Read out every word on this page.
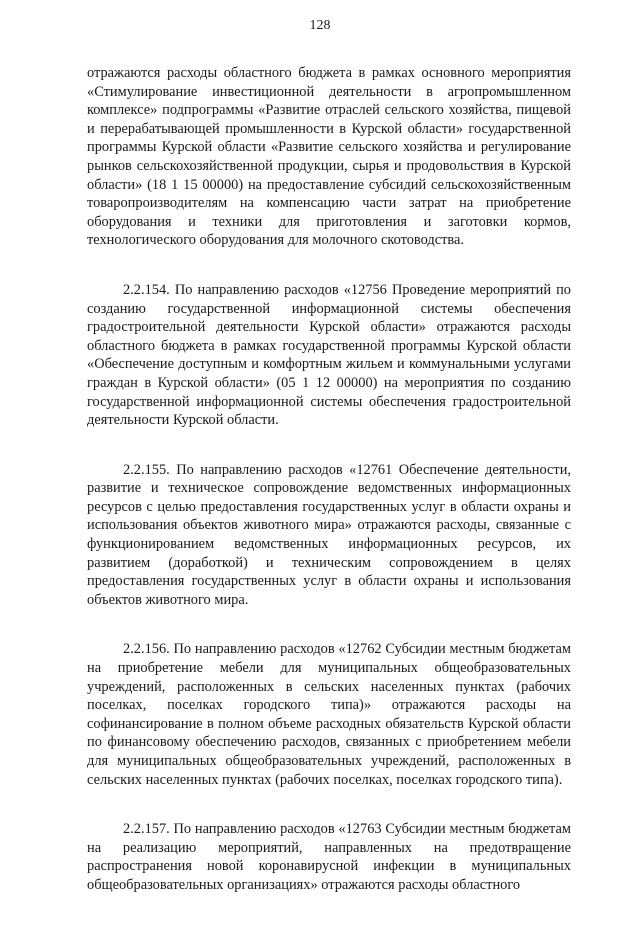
128

отражаются расходы областного бюджета в рамках основного мероприятия «Стимулирование инвестиционной деятельности в агропромышленном комплексе» подпрограммы «Развитие отраслей сельского хозяйства, пищевой и перерабатывающей промышленности в Курской области» государственной программы Курской области «Развитие сельского хозяйства и регулирование рынков сельскохозяйственной продукции, сырья и продовольствия в Курской области» (18 1 15 00000) на предоставление субсидий сельскохозяйственным товаропроизводителям на компенсацию части затрат на приобретение оборудования и техники для приготовления и заготовки кормов, технологического оборудования для молочного скотоводства.

2.2.154. По направлению расходов «12756 Проведение мероприятий по созданию государственной информационной системы обеспечения градостроительной деятельности Курской области» отражаются расходы областного бюджета в рамках государственной программы Курской области «Обеспечение доступным и комфортным жильем и коммунальными услугами граждан в Курской области» (05 1 12 00000) на мероприятия по созданию государственной информационной системы обеспечения градостроительной деятельности Курской области.

2.2.155. По направлению расходов «12761 Обеспечение деятельности, развитие и техническое сопровождение ведомственных информационных ресурсов с целью предоставления государственных услуг в области охраны и использования объектов животного мира» отражаются расходы, связанные с функционированием ведомственных информационных ресурсов, их развитием (доработкой) и техническим сопровождением в целях предоставления государственных услуг в области охраны и использования объектов животного мира.

2.2.156. По направлению расходов «12762 Субсидии местным бюджетам на приобретение мебели для муниципальных общеобразовательных учреждений, расположенных в сельских населенных пунктах (рабочих поселках, поселках городского типа)» отражаются расходы на софинансирование в полном объеме расходных обязательств Курской области по финансовому обеспечению расходов, связанных с приобретением мебели для муниципальных общеобразовательных учреждений, расположенных в сельских населенных пунктах (рабочих поселках, поселках городского типа).

2.2.157. По направлению расходов «12763 Субсидии местным бюджетам на реализацию мероприятий, направленных на предотвращение распространения новой коронавирусной инфекции в муниципальных общеобразовательных организациях» отражаются расходы областного
